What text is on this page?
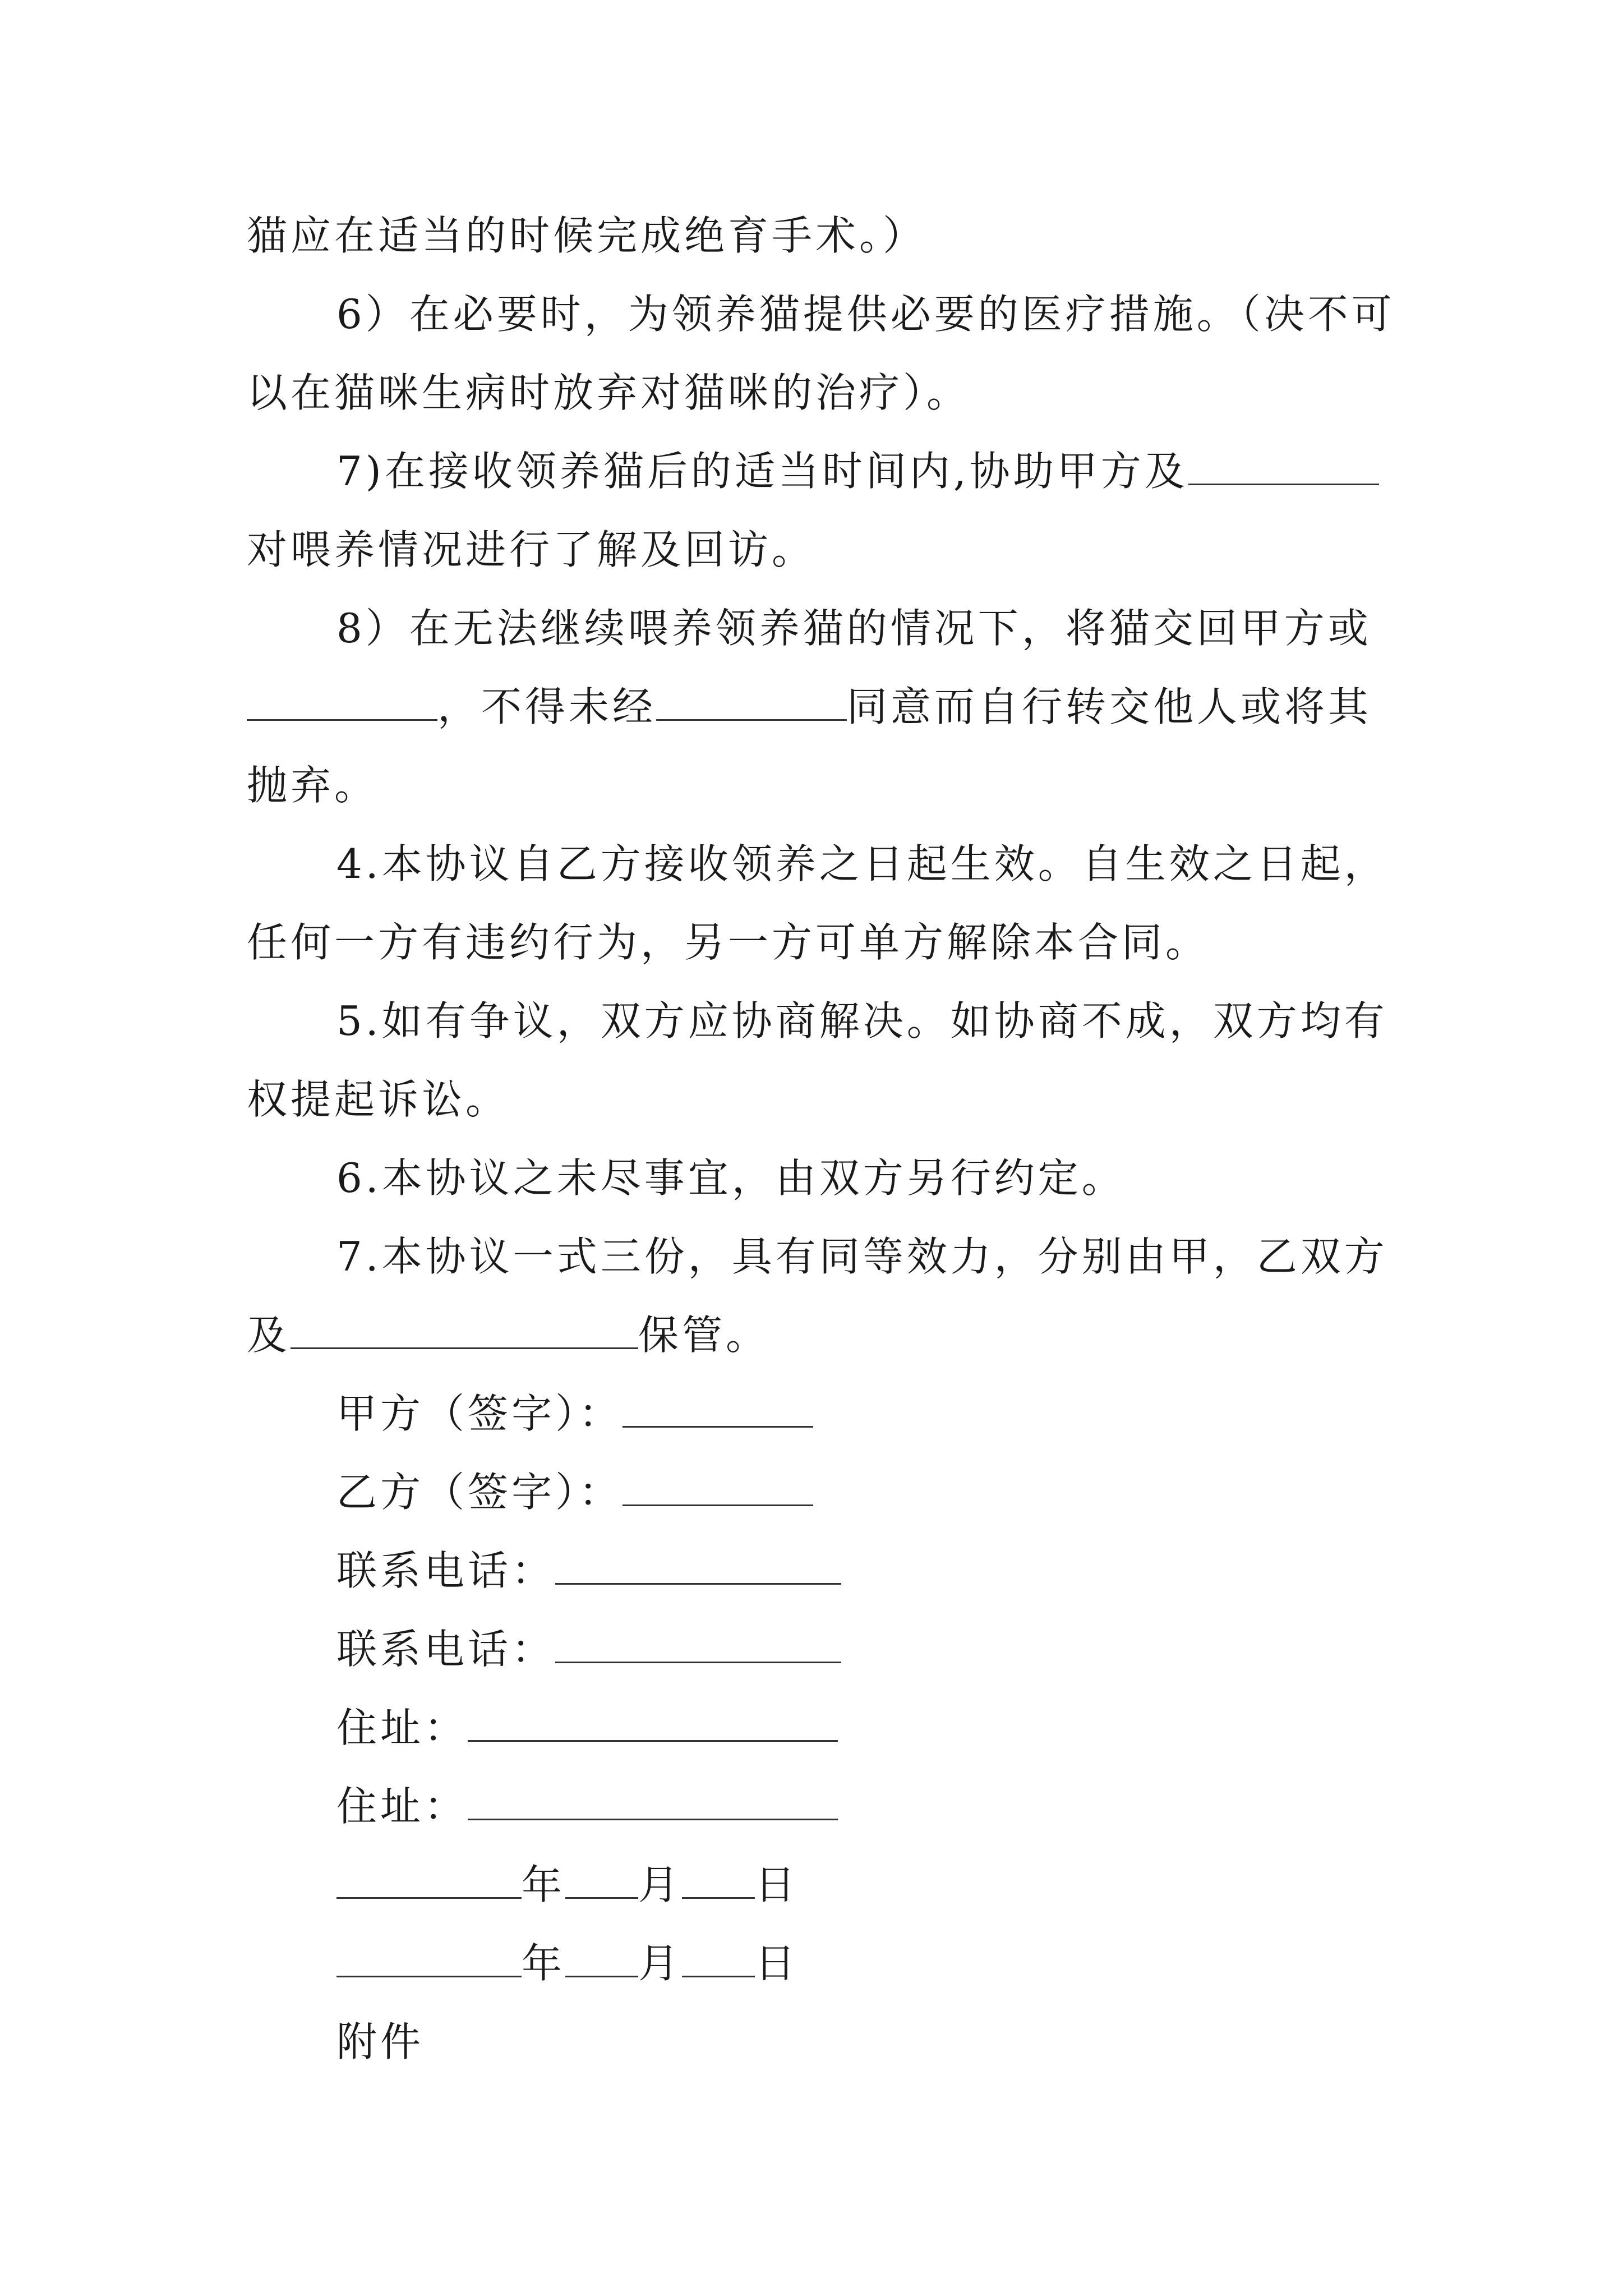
猫应在适当的时候完成绝育手术。）
6）在必要时，为领养猫提供必要的医疗措施。（决不可
以在猫咪生病时放弃对猫咪的治疗）。
7)在接收领养猫后的适当时间内,协助甲方及
对喂养情况进行了解及回访。
8）在无法继续喂养领养猫的情况下，将猫交回甲方或
，不得未经	同意而自行转交他人或将其
抛弃。
4.本协议自乙方接收领养之日起生效。自生效之日起，
任何一方有违约行为，另一方可单方解除本合同。
5.如有争议，双方应协商解决。如协商不成，双方均有
权提起诉讼。
6.本协议之未尽事宜，由双方另行约定。
7.本协议一式三份，具有同等效力，分别由甲，乙双方
及	保管。
甲方（签字）：
乙方（签字）：
联系电话：
联系电话：
住址：
住址：
年 月 日
年 月 日
附件
